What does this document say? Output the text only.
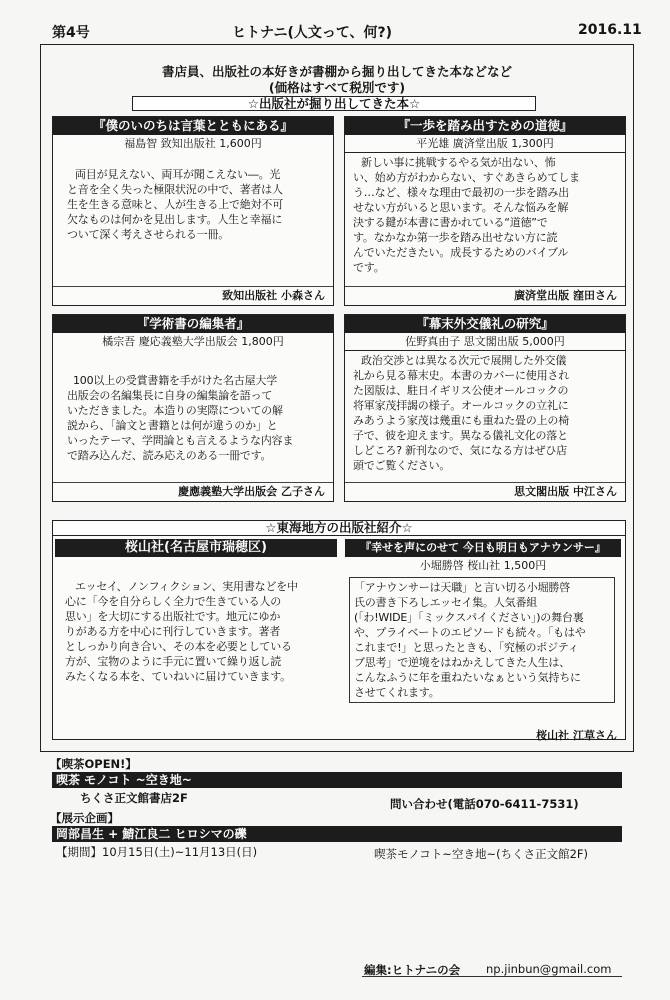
第4号	ヒトナニ(人文って、何?)	2016.11
書店員、出版社の本好きが書棚から掘り出してきた本などなど
(価格はすべて税別です)
☆出版社が掘り出してきた本☆
『僕のいのちは言葉とともにある』
福島智 致知出版社 1,600円
両目が見えない、両耳が聞こえない―。光
と音を全く失った極限状況の中で、著者は人
生を生きる意味と、人が生きる上で絶対不可
欠なものは何かを見出します。人生と幸福に
ついて深く考えさせられる一冊。
致知出版社 小森さん
『一歩を踏み出すための道徳』
平光雄 廣済堂出版 1,300円
新しい事に挑戦するやる気が出ない、怖
い、始め方がわからない、すぐあきらめてしま
う…など、様々な理由で最初の一歩を踏み出
せない方がいると思います。そんな悩みを解
決する鍵が本書に書かれている“道徳”で
す。なかなか第一歩を踏み出せない方に読
んでいただきたい。成長するためのバイブル
です。
廣済堂出版 窪田さん
『学術書の編集者』
橘宗吾 慶応義塾大学出版会 1,800円
100以上の受賞書籍を手がけた名古屋大学
出版会の名編集長に自身の編集論を語って
いただきました。本造りの実際についての解
説から、「論文と書籍とは何が違うのか」と
いったテーマ、学問論とも言えるような内容ま
で踏み込んだ、読み応えのある一冊です。
慶應義塾大学出版会 乙子さん
『幕末外交儀礼の研究』
佐野真由子 思文閣出版 5,000円
政治交渉とは異なる次元で展開した外交儀
礼から見る幕末史。本書のカバーに使用され
た図版は、駐日イギリス公使オールコックの
将軍家茂拝謁の様子。オールコックの立礼に
みあうよう家茂は幾重にも重ねた畳の上の椅
子で、彼を迎えます。異なる儀礼文化の落と
しどころ? 新刊なので、気になる方はぜひ店
頭でご覧ください。
思文閣出版 中江さん
☆東海地方の出版社紹介☆
桜山社(名古屋市瑞穂区)
エッセイ、ノンフィクション、実用書などを中
心に「今を自分らしく全力で生きている人の
思い」を大切にする出版社です。地元にゆか
りがある方を中心に刊行していきます。著者
としっかり向き合い、その本を必要としている
方が、宝物のように手元に置いて繰り返し読
みたくなる本を、ていねいに届けていきます。
『幸せを声にのせて 今日も明日もアナウンサー』
小堀勝啓 桜山社 1,500円
「アナウンサーは天職」と言い切る小堀勝啓
氏の書き下ろしエッセイ集。人気番組
(「わ!WIDE」「ミックスパイください」)の舞台裏
や、プライベートのエピソードも続々。「もはや
これまで!」と思ったときも、「究極のポジティ
ブ思考」で逆境をはねかえしてきた人生は、
こんなふうに年を重ねたいなぁという気持ちに
させてくれます。
桜山社 江草さん
【喫茶OPEN!】
喫茶 モノコト ~空き地~
ちくさ正文館書店2F	問い合わせ(電話070-6411-7531)
【展示企画】
岡部昌生 + 鯖江良二 ヒロシマの礫
【期間】10月15日(土)~11月13日(日)	喫茶モノコト~空き地~(ちくさ正文館2F)
編集:ヒトナニの会 np.jinbun@gmail.com
